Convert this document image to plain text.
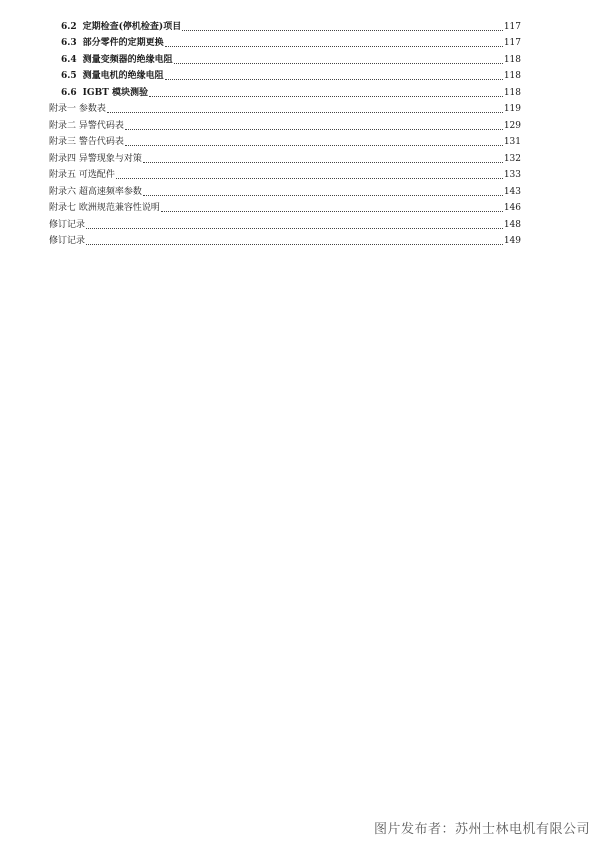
6.2 定期检查(停机检查)项目	117
6.3 部分零件的定期更换	117
6.4 测量变频器的绝缘电阻	118
6.5 测量电机的绝缘电阻	118
6.6 IGBT 模块测验	118
附录一 参数表	119
附录二 异警代码表	129
附录三 警告代码表	131
附录四 异警现象与对策	132
附录五 可选配件	133
附录六 超高速频率参数	143
附录七 欧洲规范兼容性说明	146
修订记录	148
修订记录	149
图片发布者：苏州士林电机有限公司
